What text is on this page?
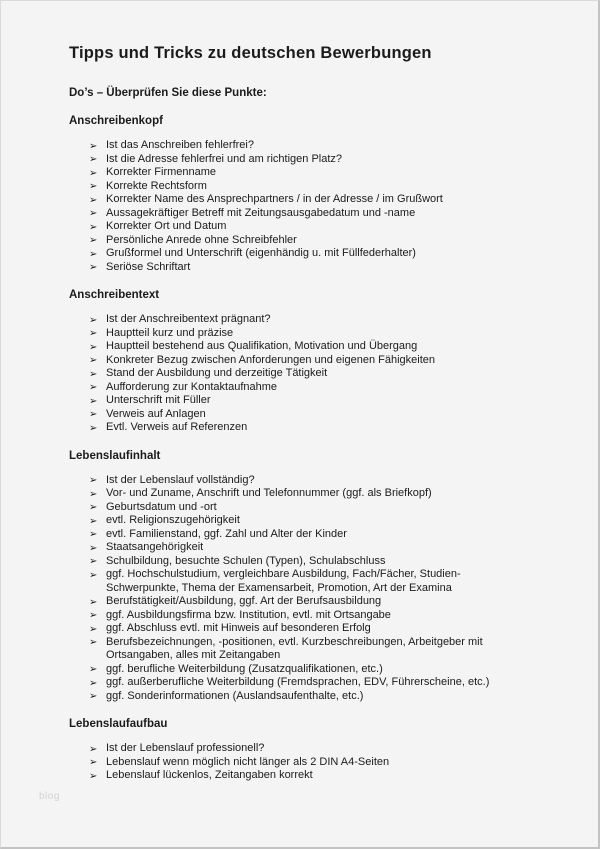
Tipps und Tricks zu deutschen Bewerbungen
Do’s – Überprüfen Sie diese Punkte:
Anschreibenkopf
➢ Ist das Anschreiben fehlerfrei?
➢ Ist die Adresse fehlerfrei und am richtigen Platz?
➢ Korrekter Firmenname
➢ Korrekte Rechtsform
➢ Korrekter Name des Ansprechpartners / in der Adresse / im Grußwort
➢ Aussagekräftiger Betreff mit Zeitungsausgabedatum und -name
➢ Korrekter Ort und Datum
➢ Persönliche Anrede ohne Schreibfehler
➢ Grußformel und Unterschrift (eigenhändig u. mit Füllfederhalter)
➢ Seriöse Schriftart
Anschreibentext
➢ Ist der Anschreibentext prägnant?
➢ Hauptteil kurz und präzise
➢ Hauptteil bestehend aus Qualifikation, Motivation und Übergang
➢ Konkreter Bezug zwischen Anforderungen und eigenen Fähigkeiten
➢ Stand der Ausbildung und derzeitige Tätigkeit
➢ Aufforderung zur Kontaktaufnahme
➢ Unterschrift mit Füller
➢ Verweis auf Anlagen
➢ Evtl. Verweis auf Referenzen
Lebenslaufinhalt
➢ Ist der Lebenslauf vollständig?
➢ Vor- und Zuname, Anschrift und Telefonnummer (ggf. als Briefkopf)
➢ Geburtsdatum und -ort
➢ evtl. Religionszugehörigkeit
➢ evtl. Familienstand, ggf. Zahl und Alter der Kinder
➢ Staatsangehörigkeit
➢ Schulbildung, besuchte Schulen (Typen), Schulabschluss
➢ ggf. Hochschulstudium, vergleichbare Ausbildung, Fach/Fächer, Studien-Schwerpunkte, Thema der Examensarbeit, Promotion, Art der Examina
➢ Berufstätigkeit/Ausbildung, ggf. Art der Berufsausbildung
➢ ggf. Ausbildungsfirma bzw. Institution, evtl. mit Ortsangabe
➢ ggf. Abschluss evtl. mit Hinweis auf besonderen Erfolg
➢ Berufsbezeichnungen, -positionen, evtl. Kurzbeschreibungen, Arbeitgeber mit Ortsangaben, alles mit Zeitangaben
➢ ggf. berufliche Weiterbildung (Zusatzqualifikationen, etc.)
➢ ggf. außerberufliche Weiterbildung (Fremdsprachen, EDV, Führerscheine, etc.)
➢ ggf. Sonderinformationen (Auslandsaufenthalte, etc.)
Lebenslaufaufbau
➢ Ist der Lebenslauf professionell?
➢ Lebenslauf wenn möglich nicht länger als 2 DIN A4-Seiten
➢ Lebenslauf lückenlos, Zeitangaben korrekt
blog
